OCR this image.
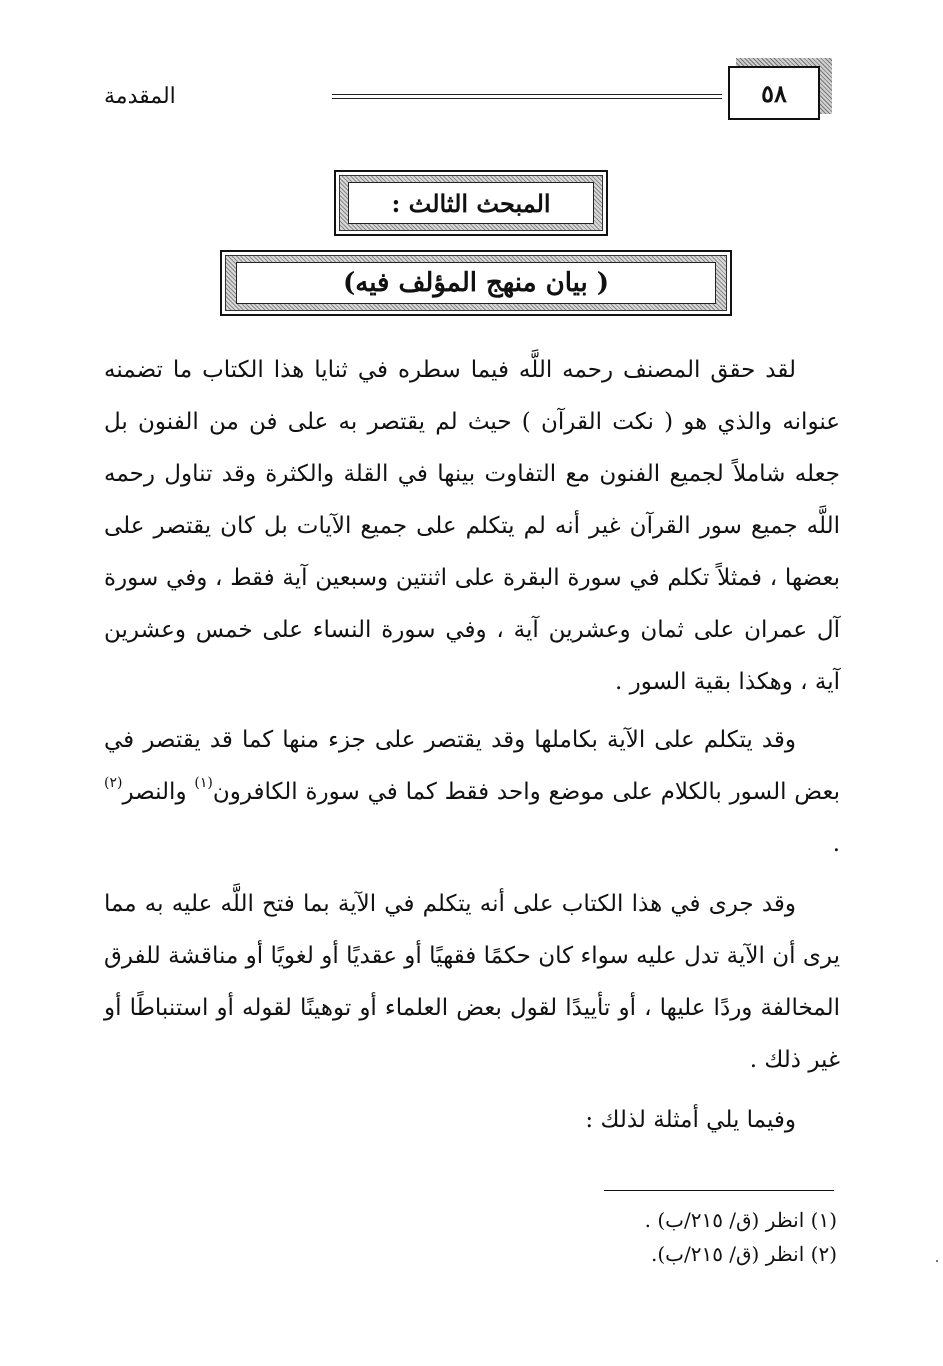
المقدمة	٥٨
المبحث الثالث :
( بيان منهج المؤلف فيه)
لقد حقق المصنف رحمه اللَّه فيما سطره في ثنايا هذا الكتاب ما تضمنه عنوانه والذي هو ( نكت القرآن ) حيث لم يقتصر به على فن من الفنون بل جعله شاملاً لجميع الفنون مع التفاوت بينها في القلة والكثرة وقد تناول رحمه اللَّه جميع سور القرآن غير أنه لم يتكلم على جميع الآيات بل كان يقتصر على بعضها ، فمثلاً تكلم في سورة البقرة على اثنتين وسبعين آية فقط ، وفي سورة آل عمران على ثمان وعشرين آية ، وفي سورة النساء على خمس وعشرين آية ، وهكذا بقية السور .
وقد يتكلم على الآية بكاملها وقد يقتصر على جزء منها كما قد يقتصر في بعض السور بالكلام على موضع واحد فقط كما في سورة الكافرون$^{(١)}$ والنصر$^{(٢)}$ .
وقد جرى في هذا الكتاب على أنه يتكلم في الآية بما فتح اللَّه عليه به مما يرى أن الآية تدل عليه سواء كان حكمًا فقهيًا أو عقديًا أو لغويًا أو مناقشة للفرق المخالفة وردًا عليها ، أو تأييدًا لقول بعض العلماء أو توهينًا لقوله أو استنباطًا أو غير ذلك .
وفيما يلي أمثلة لذلك :
(١) انظر (ق/ ٢١٥/ب) .
(٢) انظر (ق/ ٢١٥/ب).
